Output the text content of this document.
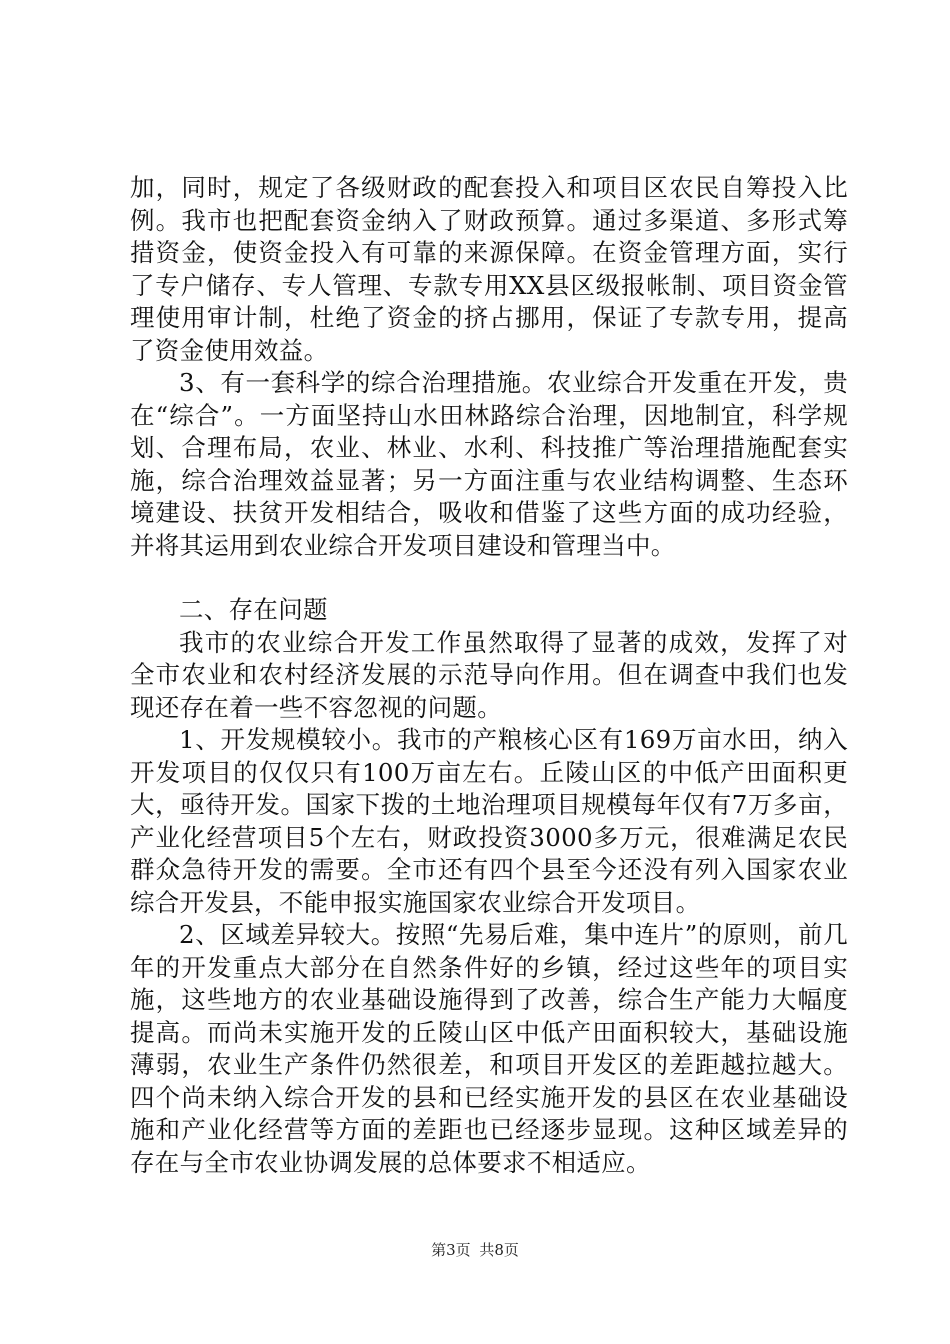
加，同时，规定了各级财政的配套投入和项目区农民自筹投入比例。我市也把配套资金纳入了财政预算。通过多渠道、多形式筹措资金，使资金投入有可靠的来源保障。在资金管理方面，实行了专户储存、专人管理、专款专用XX县区级报帐制、项目资金管理使用审计制，杜绝了资金的挤占挪用，保证了专款专用，提高了资金使用效益。

3、有一套科学的综合治理措施。农业综合开发重在开发，贵在“综合”。一方面坚持山水田林路综合治理，因地制宜，科学规划、合理布局，农业、林业、水利、科技推广等治理措施配套实施，综合治理效益显著；另一方面注重与农业结构调整、生态环境建设、扶贫开发相结合，吸收和借鉴了这些方面的成功经验，并将其运用到农业综合开发项目建设和管理当中。

二、存在问题

我市的农业综合开发工作虽然取得了显著的成效，发挥了对全市农业和农村经济发展的示范导向作用。但在调查中我们也发现还存在着一些不容忽视的问题。

1、开发规模较小。我市的产粮核心区有169万亩水田，纳入开发项目的仅仅只有100万亩左右。丘陵山区的中低产田面积更大，亟待开发。国家下拨的土地治理项目规模每年仅有7万多亩，产业化经营项目5个左右，财政投资3000多万元，很难满足农民群众急待开发的需要。全市还有四个县至今还没有列入国家农业综合开发县，不能申报实施国家农业综合开发项目。

2、区域差异较大。按照“先易后难，集中连片”的原则，前几年的开发重点大部分在自然条件好的乡镇，经过这些年的项目实施，这些地方的农业基础设施得到了改善，综合生产能力大幅度提高。而尚未实施开发的丘陵山区中低产田面积较大，基础设施薄弱，农业生产条件仍然很差，和项目开发区的差距越拉越大。四个尚未纳入综合开发的县和已经实施开发的县区在农业基础设施和产业化经营等方面的差距也已经逐步显现。这种区域差异的存在与全市农业协调发展的总体要求不相适应。

第3页 共8页
